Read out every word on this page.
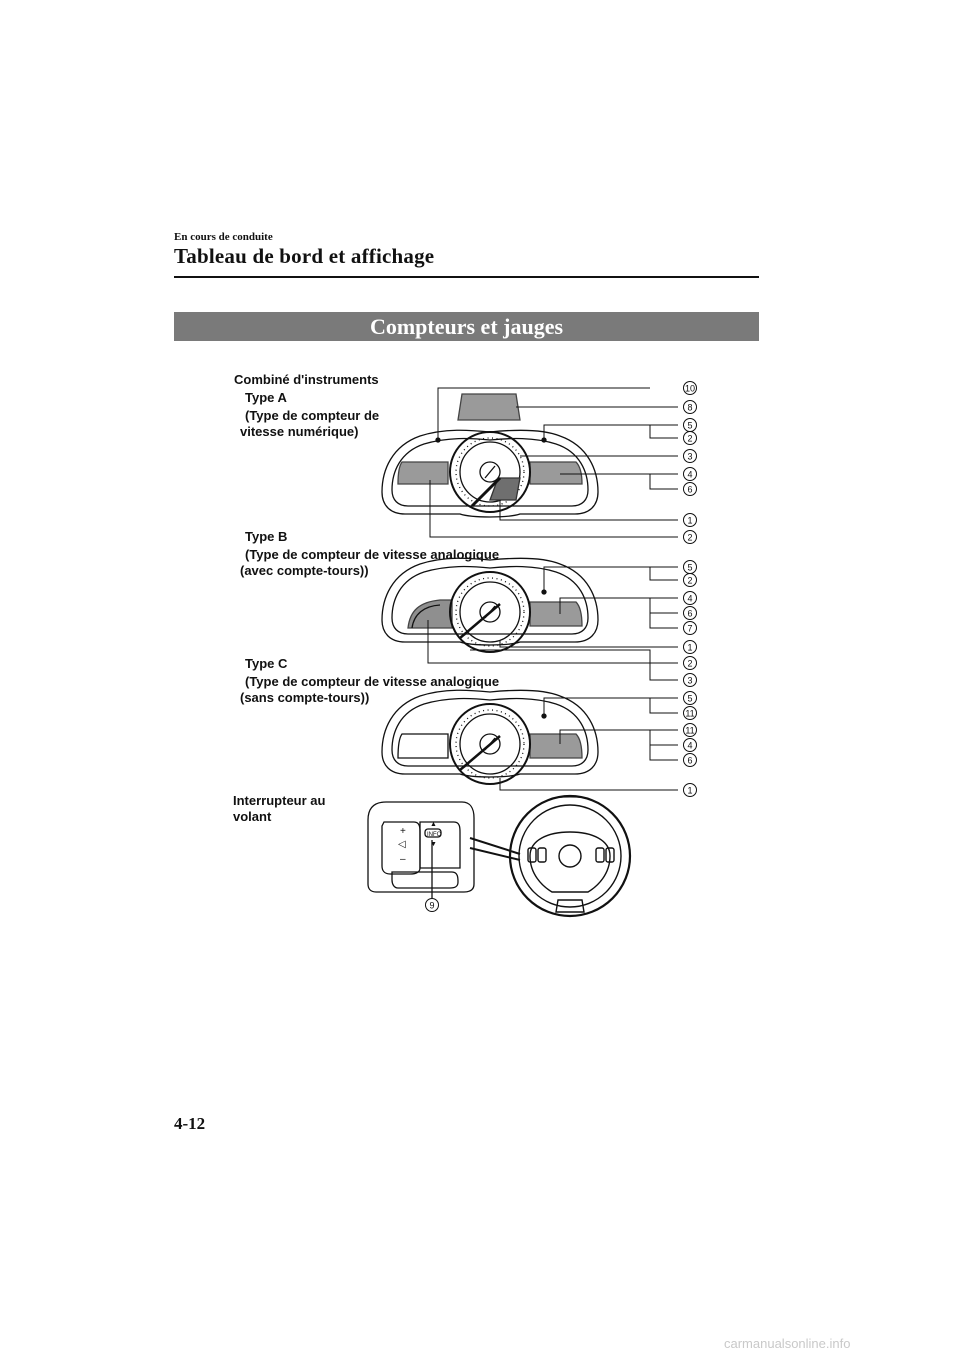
En cours de conduite
Tableau de bord et affichage
Compteurs et jauges
Combiné d'instruments
Type A
(Type de compteur de
vitesse numérique)
Type B
(Type de compteur de vitesse analogique
(avec compte-tours))
Type C
(Type de compteur de vitesse analogique
(sans compte-tours))
Interrupteur au
volant
◁
+
–
INFO
▲
▼
10
8
5
2
3
4
6
1
2
5
2
4
6
7
1
2
3
5
11
11
4
6
1
9
4-12
carmanualsonline.info
